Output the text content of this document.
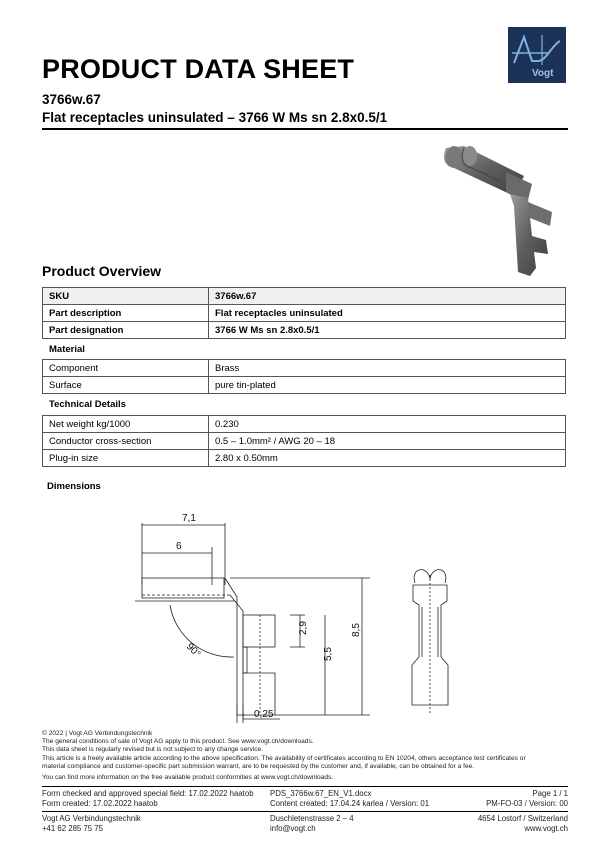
PRODUCT DATA SHEET
3766w.67
Flat receptacles uninsulated – 3766 W Ms sn 2.8x0.5/1
Vogt
Product Overview
SKU	3766w.67
Part description	Flat receptacles uninsulated
Part designation	3766 W Ms sn 2.8x0.5/1
Material
Component	Brass
Surface	pure tin-plated
Technical Details
Net weight kg/1000	0.230
Conductor cross-section	0.5 – 1.0mm² / AWG 20 – 18
Plug-in size	2.80 x 0.50mm
Dimensions
7,1
6
90°
2,9
5,5
8,5
0,25
© 2022 | Vogt AG Verbindungstechnik
The general conditions of sale of Vogt AG apply to this product. See www.vogt.ch/downloads.
This data sheet is regularly revised but is not subject to any change service.
This article is a freely available article according to the above specification. The availability of certificates according to EN 10204, others acceptance test certificates or
material compliance and customer-specific part submission warrant, are to be requested by the customer and, if available, can be obtained for a fee.
You can find more information on the free available product conformities at www.vogt.ch/downloads.
Form checked and approved special field: 17.02.2022 haatob
Form created: 17.02.2022 haatob
PDS_3766w.67_EN_V1.docx
Content created: 17.04.24 karlea / Version: 01
Page 1 / 1
PM-FO-03 / Version: 00
Vogt AG Verbindungstechnik
+41 62 285 75 75
Duschletenstrasse 2 – 4
info@vogt.ch
4654 Lostorf / Switzerland
www.vogt.ch
